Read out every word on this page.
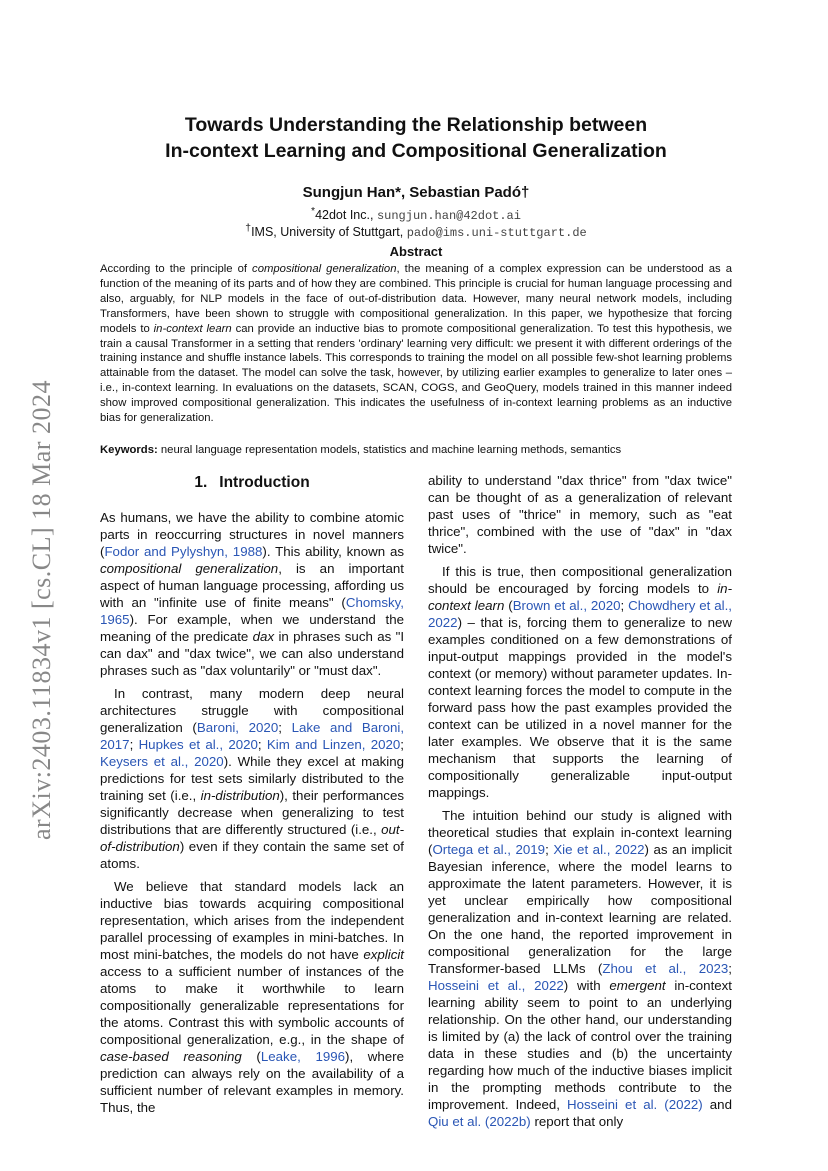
arXiv:2403.11834v1 [cs.CL] 18 Mar 2024
Towards Understanding the Relationship between
In-context Learning and Compositional Generalization

Sungjun Han*, Sebastian Padó†

*42dot Inc., sungjun.han@42dot.ai

†IMS, University of Stuttgart, pado@ims.uni-stuttgart.de

Abstract

According to the principle of compositional generalization, the meaning of a complex expression can be understood as a function of the meaning of its parts and of how they are combined. This principle is crucial for human language processing and also, arguably, for NLP models in the face of out-of-distribution data. However, many neural network models, including Transformers, have been shown to struggle with compositional generalization. In this paper, we hypothesize that forcing models to in-context learn can provide an inductive bias to promote compositional generalization. To test this hypothesis, we train a causal Transformer in a setting that renders 'ordinary' learning very difficult: we present it with different orderings of the training instance and shuffle instance labels. This corresponds to training the model on all possible few-shot learning problems attainable from the dataset. The model can solve the task, however, by utilizing earlier examples to generalize to later ones – i.e., in-context learning. In evaluations on the datasets, SCAN, COGS, and GeoQuery, models trained in this manner indeed show improved compositional generalization. This indicates the usefulness of in-context learning problems as an inductive bias for generalization.

Keywords: neural language representation models, statistics and machine learning methods, semantics

1. Introduction

As humans, we have the ability to combine atomic parts in reoccurring structures in novel manners (Fodor and Pylyshyn, 1988). This ability, known as compositional generalization, is an important aspect of human language processing, affording us with an "infinite use of finite means" (Chomsky, 1965). For example, when we understand the meaning of the predicate dax in phrases such as "I can dax" and "dax twice", we can also understand phrases such as "dax voluntarily" or "must dax".

In contrast, many modern deep neural architectures struggle with compositional generalization (Baroni, 2020; Lake and Baroni, 2017; Hupkes et al., 2020; Kim and Linzen, 2020; Keysers et al., 2020). While they excel at making predictions for test sets similarly distributed to the training set (i.e., in-distribution), their performances significantly decrease when generalizing to test distributions that are differently structured (i.e., out-of-distribution) even if they contain the same set of atoms.

We believe that standard models lack an inductive bias towards acquiring compositional representation, which arises from the independent parallel processing of examples in mini-batches. In most mini-batches, the models do not have explicit access to a sufficient number of instances of the atoms to make it worthwhile to learn compositionally generalizable representations for the atoms. Contrast this with symbolic accounts of compositional generalization, e.g., in the shape of case-based reasoning (Leake, 1996), where prediction can always rely on the availability of a sufficient number of relevant examples in memory. Thus, the

ability to understand "dax thrice" from "dax twice" can be thought of as a generalization of relevant past uses of "thrice" in memory, such as "eat thrice", combined with the use of "dax" in "dax twice".

If this is true, then compositional generalization should be encouraged by forcing models to in-context learn (Brown et al., 2020; Chowdhery et al., 2022) – that is, forcing them to generalize to new examples conditioned on a few demonstrations of input-output mappings provided in the model's context (or memory) without parameter updates. In-context learning forces the model to compute in the forward pass how the past examples provided the context can be utilized in a novel manner for the later examples. We observe that it is the same mechanism that supports the learning of compositionally generalizable input-output mappings.

The intuition behind our study is aligned with theoretical studies that explain in-context learning (Ortega et al., 2019; Xie et al., 2022) as an implicit Bayesian inference, where the model learns to approximate the latent parameters. However, it is yet unclear empirically how compositional generalization and in-context learning are related. On the one hand, the reported improvement in compositional generalization for the large Transformer-based LLMs (Zhou et al., 2023; Hosseini et al., 2022) with emergent in-context learning ability seem to point to an underlying relationship. On the other hand, our understanding is limited by (a) the lack of control over the training data in these studies and (b) the uncertainty regarding how much of the inductive biases implicit in the prompting methods contribute to the improvement. Indeed, Hosseini et al. (2022) and Qiu et al. (2022b) report that only
